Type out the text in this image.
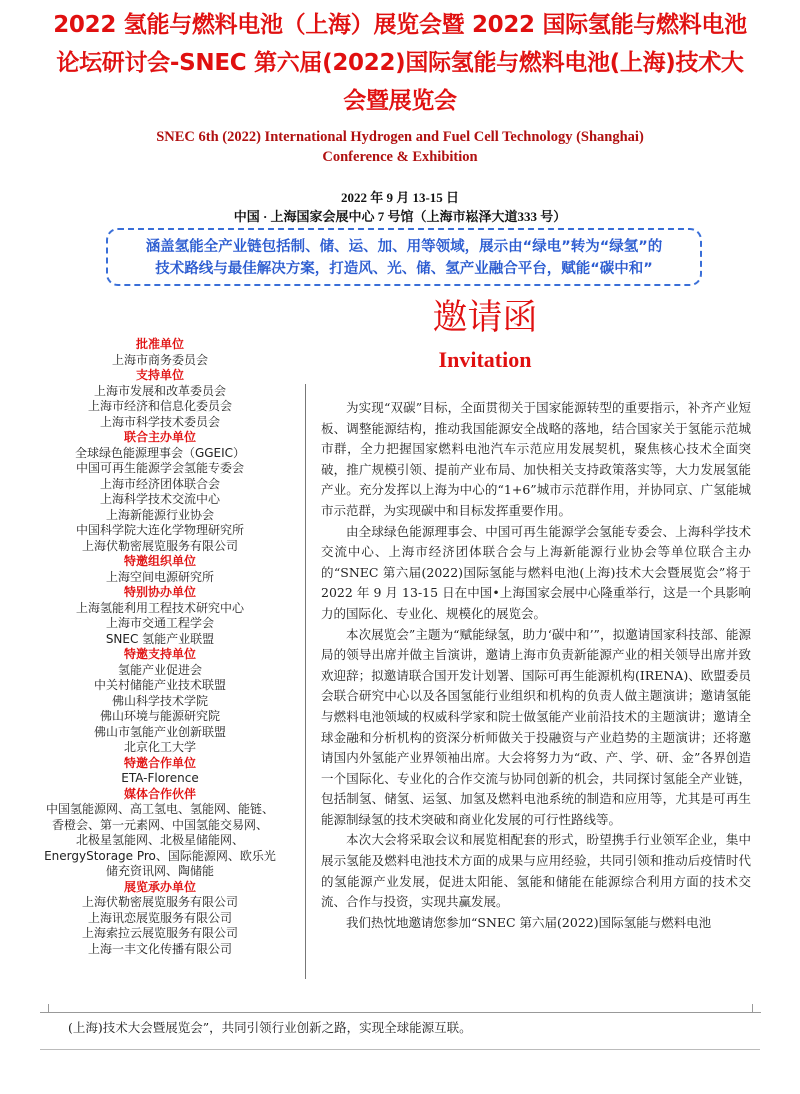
2022 氢能与燃料电池（上海）展览会暨 2022 国际氢能与燃料电池
论坛研讨会-SNEC 第六届(2022)国际氢能与燃料电池(上海)技术大
会暨展览会
SNEC 6th (2022) International Hydrogen and Fuel Cell Technology (Shanghai)
Conference & Exhibition
2022 年 9 月 13-15 日
中国 · 上海国家会展中心 7 号馆（上海市崧泽大道333 号）
涵盖氢能全产业链包括制、储、运、加、用等领域，展示由“绿电”转为“绿氢”的
技术路线与最佳解决方案，打造风、光、储、氢产业融合平台，赋能“碳中和”
邀请函
Invitation
批准单位
上海市商务委员会
支持单位
上海市发展和改革委员会
上海市经济和信息化委员会
上海市科学技术委员会
联合主办单位
全球绿色能源理事会（GGEIC）
中国可再生能源学会氢能专委会
上海市经济团体联合会
上海科学技术交流中心
上海新能源行业协会
中国科学院大连化学物理研究所
上海伏勒密展览服务有限公司
特邀组织单位
上海空间电源研究所
特别协办单位
上海氢能利用工程技术研究中心
上海市交通工程学会
SNEC 氢能产业联盟
特邀支持单位
氢能产业促进会
中关村储能产业技术联盟
佛山科学技术学院
佛山环境与能源研究院
佛山市氢能产业创新联盟
北京化工大学
特邀合作单位
ETA-Florence
媒体合作伙伴
中国氢能源网、高工氢电、氢能网、能链、
香橙会、第一元素网、中国氢能交易网、
北极星氢能网、北极星储能网、
EnergyStorage Pro、国际能源网、欧乐光
储充资讯网、陶储能
展览承办单位
上海伏勒密展览服务有限公司
上海讯恋展览服务有限公司
上海索拉云展览服务有限公司
上海一丰文化传播有限公司

为实现“双碳”目标，全面贯彻关于国家能源转型的重要指示，补齐产业短板、调整能源结构，推动我国能源安全战略的落地，结合国家关于氢能示范城市群，全力把握国家燃料电池汽车示范应用发展契机，聚焦核心技术全面突破，推广规模引领、提前产业布局、加快相关支持政策落实等，大力发展氢能产业。充分发挥以上海为中心的“1+6”城市示范群作用，并协同京、广氢能城市示范群，为实现碳中和目标发挥重要作用。

由全球绿色能源理事会、中国可再生能源学会氢能专委会、上海科学技术交流中心、上海市经济团体联合会与上海新能源行业协会等单位联合主办的“SNEC 第六届(2022)国际氢能与燃料电池(上海)技术大会暨展览会”将于 2022 年 9 月 13-15 日在中国•上海国家会展中心隆重举行，这是一个具影响力的国际化、专业化、规模化的展览会。

本次展览会”主题为“赋能绿氢，助力‘碳中和’”，拟邀请国家科技部、能源局的领导出席并做主旨演讲，邀请上海市负责新能源产业的相关领导出席并致欢迎辞；拟邀请联合国开发计划署、国际可再生能源机构(IRENA)、欧盟委员会联合研究中心以及各国氢能行业组织和机构的负责人做主题演讲；邀请氢能与燃料电池领域的权威科学家和院士做氢能产业前沿技术的主题演讲；邀请全球金融和分析机构的资深分析师做关于投融资与产业趋势的主题演讲；还将邀请国内外氢能产业界领袖出席。大会将努力为“政、产、学、研、金”各界创造一个国际化、专业化的合作交流与协同创新的机会，共同探讨氢能全产业链，包括制氢、储氢、运氢、加氢及燃料电池系统的制造和应用等，尤其是可再生能源制绿氢的技术突破和商业化发展的可行性路线等。

本次大会将采取会议和展览相配套的形式，盼望携手行业领军企业，集中展示氢能及燃料电池技术方面的成果与应用经验，共同引领和推动后疫情时代的氢能源产业发展，促进太阳能、氢能和储能在能源综合利用方面的技术交流、合作与投资，实现共赢发展。

我们热忱地邀请您参加“SNEC 第六届(2022)国际氢能与燃料电池

(上海)技术大会暨展览会”，共同引领行业创新之路，实现全球能源互联。
